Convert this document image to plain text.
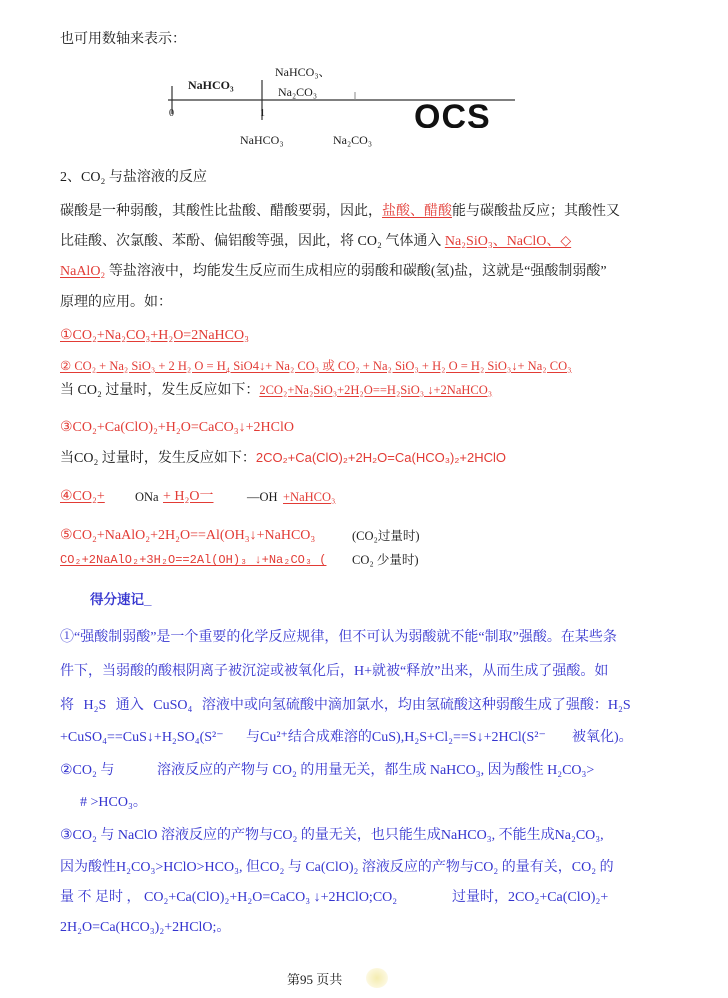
也可用数轴来表示：
NaHCO₃
NaHCO₃、
Na₂CO₃
0	1
NaHCO₃	Na₂CO₃
OCS
2、CO₂ 与盐溶液的反应
碳酸是一种弱酸，其酸性比盐酸、醋酸要弱，因此，盐酸、醋酸能与碳酸盐反应；其酸性又
比硅酸、次氯酸、苯酚、偏铝酸等强，因此，将 CO₂ 气体通入 Na₂SiO₃、NaClO、◇
NaAlO₂ 等盐溶液中，均能发生反应而生成相应的弱酸和碳酸(氢)盐，这就是“强酸制弱酸”
原理的应用。如：
①CO₂+Na₂CO₃+H₂O=2NaHCO₃
② CO₂ + Na₂ SiO₃ + 2 H₂ O = H₄ SiO4↓+ Na₂ CO₃ 或 CO₂ + Na₂ SiO₃ + H₂ O = H₂ SiO₃↓+ Na₂ CO₃
当 CO₂ 过量时，发生反应如下：2CO₂+Na₂SiO₃+2H₂O==H₂SiO₃ ↓+2NaHCO₃
③CO₂+Ca(ClO)₂+H₂O=CaCO₃↓+2HClO
当CO₂ 过量时，发生反应如下：2CO₂+Ca(ClO)₂+2H₂O=Ca(HCO₃)₂+2HClO
④CO₂+ ONa + H₂O一	—OH +NaHCO₃
⑤CO₂+NaAlO₂+2H₂O==Al(OH₃↓+NaHCO₃	(CO₂过量时)
CO₂+2NaAlO₂+3H₂O==2Al(OH)₃ ↓+Na₂CO₃ ( CO₂ 少量时)
得分速记_
①“强酸制弱酸”是一个重要的化学反应规律，但不可认为弱酸就不能“制取”强酸。在某些条
件下，当弱酸的酸根阴离子被沉淀或被氧化后，H+就被“释放”出来，从而生成了强酸。如
将 H₂S 通入 CuSO₄ 溶液中或向氢硫酸中滴加氯水，均由氢硫酸这种弱酸生成了强酸：H₂S
+CuSO₄==CuS↓+H₂SO₄(S²⁻ 与Cu²⁺结合成难溶的CuS),H₂S+Cl₂==S↓+2HCl(S²⁻ 被氧化)。
②CO₂ 与	溶液反应的产物与 CO₂ 的用量无关，都生成 NaHCO₃, 因为酸性 H₂CO₃>
# >HCO₃。
③CO₂ 与 NaClO 溶液反应的产物与CO₂ 的量无关，也只能生成NaHCO₃, 不能生成Na₂CO₃,
因为酸性H₂CO₃>HClO>HCO₃, 但CO₂ 与 Ca(ClO)₂ 溶液反应的产物与CO₂ 的量有关，CO₂ 的
量 不 足时 ， CO₂+Ca(ClO)₂+H₂O=CaCO₃ ↓+2HClO;CO₂	过量时，2CO₂+Ca(ClO)₂+
2H₂O=Ca(HCO₃)₂+2HClO;。
第95 页共
